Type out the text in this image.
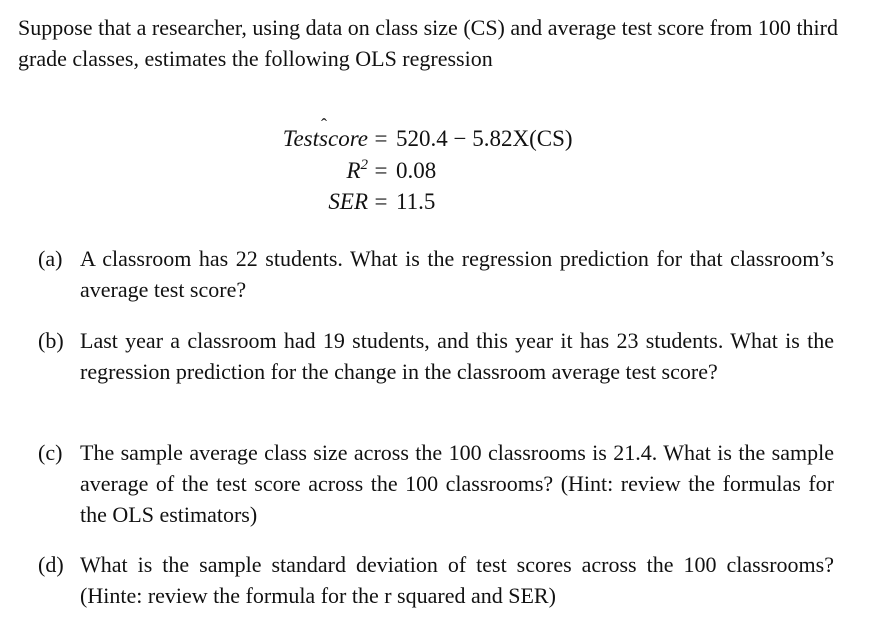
Suppose that a researcher, using data on class size (CS) and average test score from 100 third grade classes, estimates the following OLS regression

Testˆ score = 520.4 − 5.82X(CS)
$R^2 = 0.08$
SER = 11.5
(a) A classroom has 22 students. What is the regression prediction for that classroom’s average test score?
(b) Last year a classroom had 19 students, and this year it has 23 students. What is the regression prediction for the change in the classroom average test score?
(c) The sample average class size across the 100 classrooms is 21.4. What is the sample average of the test score across the 100 classrooms? (Hint: review the formulas for the OLS estimators)
(d) What is the sample standard deviation of test scores across the 100 classrooms? (Hinte: review the formula for the r squared and SER)
